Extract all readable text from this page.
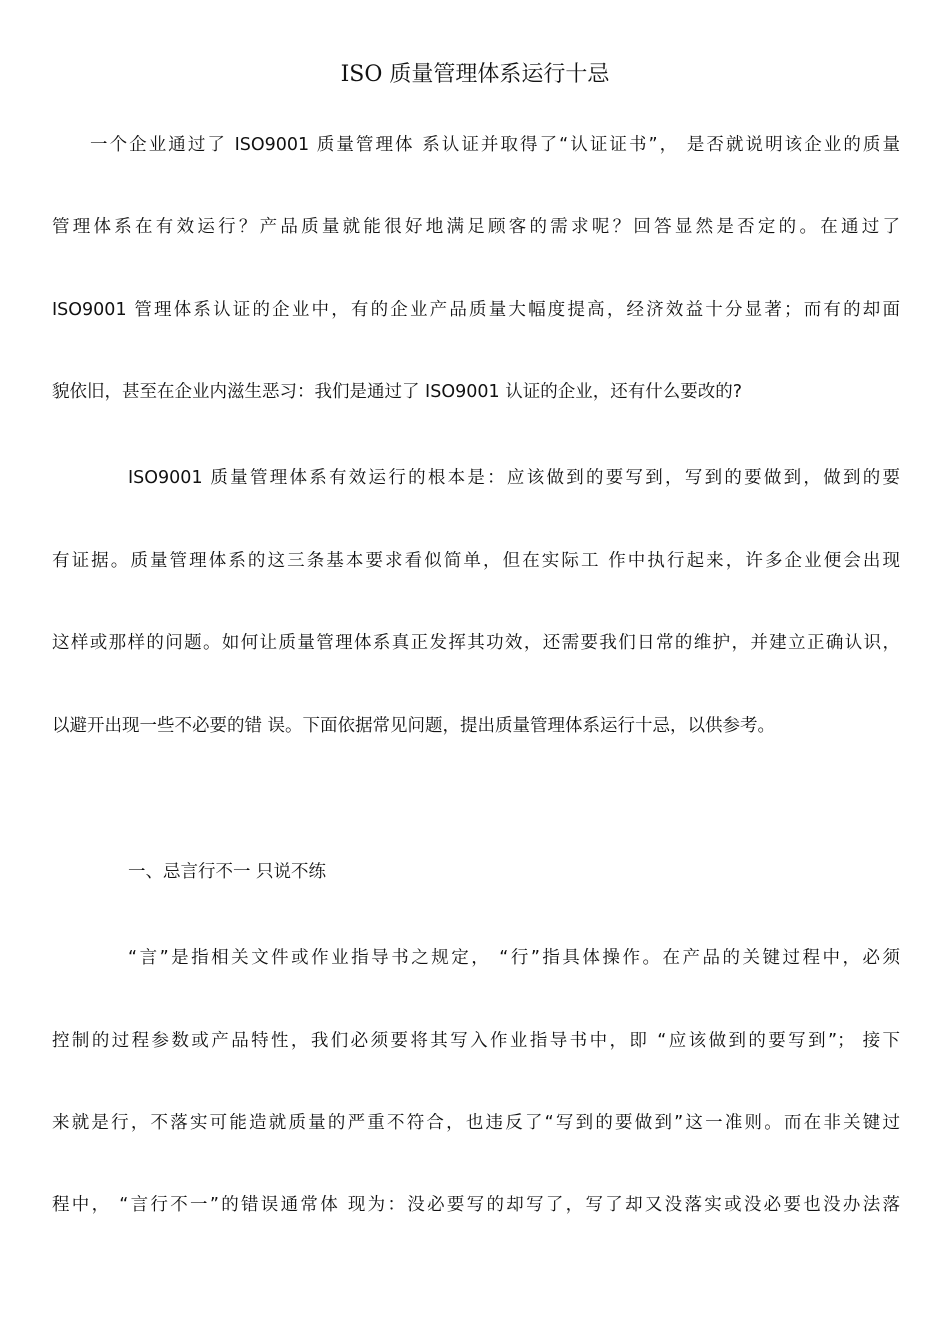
ISO 质量管理体系运行十忌
一个企业通过了 ISO9001 质量管理体 系认证并取得了“认证证书”， 是否就说明该企业的质量
管理体系在有效运行？产品质量就能很好地满足顾客的需求呢？回答显然是否定的。在通过了
ISO9001 管理体系认证的企业中，有的企业产品质量大幅度提高，经济效益十分显著；而有的却面
貌依旧，甚至在企业内滋生恶习：我们是通过了 ISO9001 认证的企业，还有什么要改的?
ISO9001 质量管理体系有效运行的根本是：应该做到的要写到，写到的要做到，做到的要
有证据。质量管理体系的这三条基本要求看似简单，但在实际工 作中执行起来，许多企业便会出现
这样或那样的问题。如何让质量管理体系真正发挥其功效，还需要我们日常的维护，并建立正确认识，
以避开出现一些不必要的错 误。下面依据常见问题，提出质量管理体系运行十忌，以供参考。
一、忌言行不一 只说不练
“言”是指相关文件或作业指导书之规定， “行”指具体操作。在产品的关键过程中，必须
控制的过程参数或产品特性，我们必须要将其写入作业指导书中，即 “应该做到的要写到”； 接下
来就是行，不落实可能造就质量的严重不符合，也违反了“写到的要做到”这一准则。而在非关键过
程中， “言行不一”的错误通常体 现为：没必要写的却写了，写了却又没落实或没必要也没办法落
